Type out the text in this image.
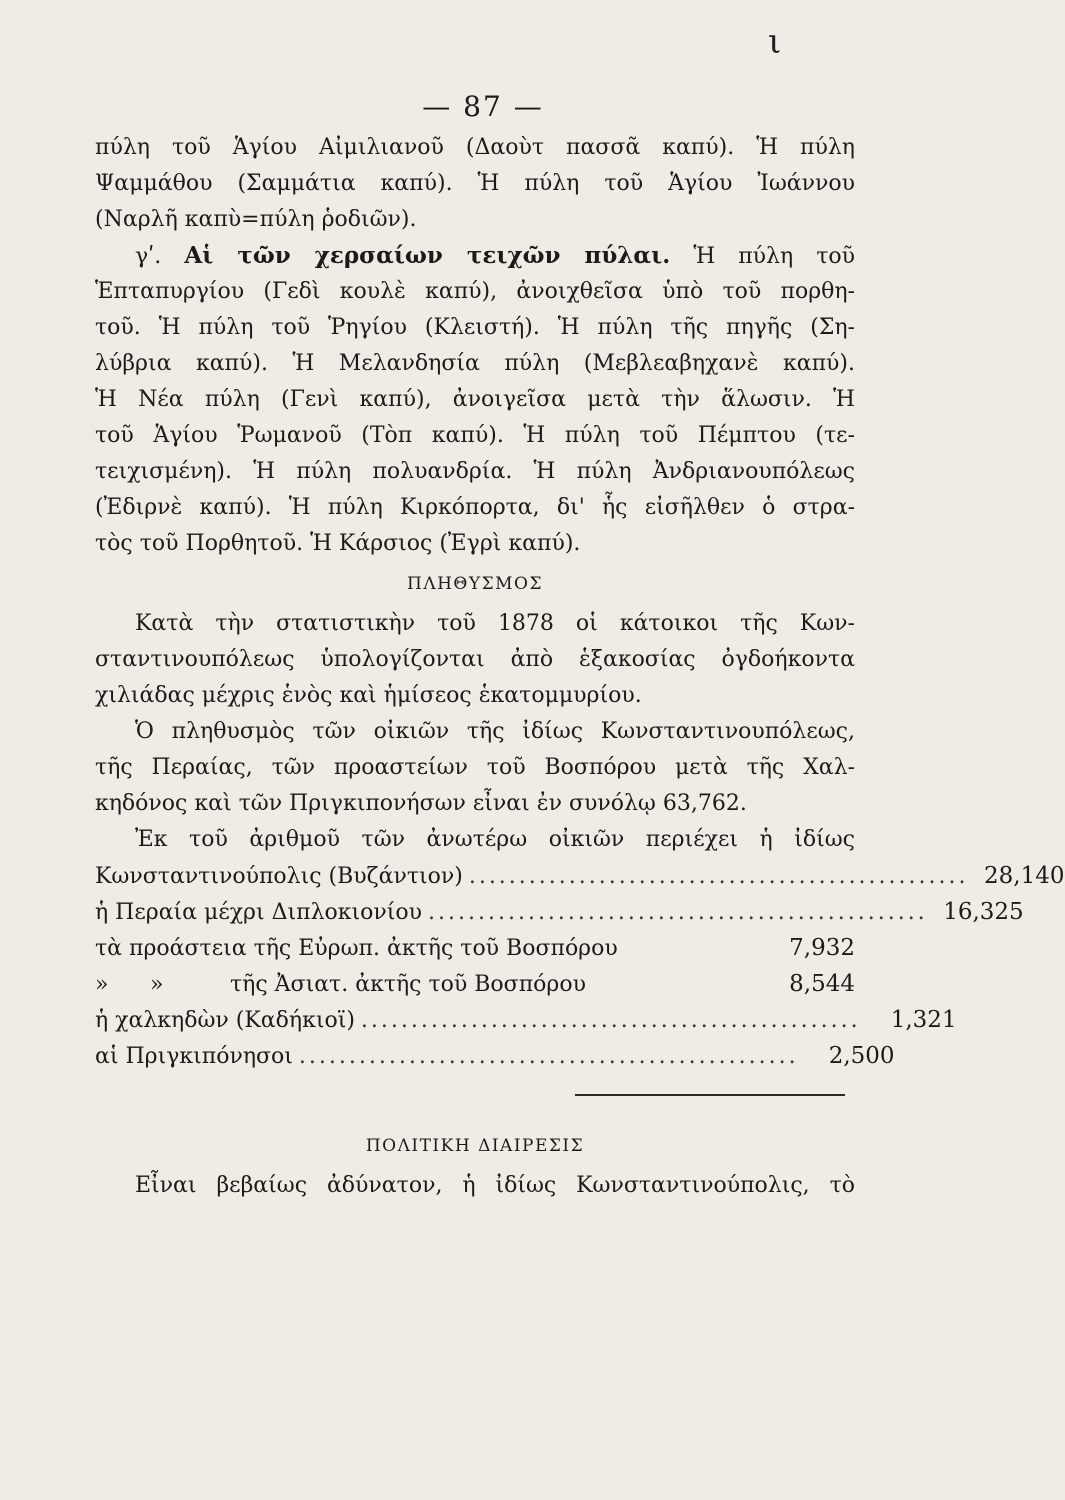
ι
— 87 —
πύλη τοῦ Ἁγίου Αἰμιλιανοῦ (Δαοὺτ πασσᾶ καπύ). Ἡ πύλη
Ψαμμάθου (Σαμμάτια καπύ). Ἡ πύλη τοῦ Ἁγίου Ἰωάννου
(Ναρλῆ καπὺ=πύλη ῥοδιῶν).
γʹ. Αἱ τῶν χερσαίων τειχῶν πύλαι. Ἡ πύλη τοῦ
Ἑπταπυργίου (Γεδὶ κουλὲ καπύ), ἀνοιχθεῖσα ὑπὸ τοῦ πορθη-
τοῦ. Ἡ πύλη τοῦ Ῥηγίου (Κλειστή). Ἡ πύλη τῆς πηγῆς (Ση-
λύβρια καπύ). Ἡ Μελανδησία πύλη (Μεβλεαβηχανὲ καπύ).
Ἡ Νέα πύλη (Γενὶ καπύ), ἀνοιγεῖσα μετὰ τὴν ἅλωσιν. Ἡ
τοῦ Ἁγίου Ῥωμανοῦ (Τὸπ καπύ). Ἡ πύλη τοῦ Πέμπτου (τε-
τειχισμένη). Ἡ πύλη πολυανδρία. Ἡ πύλη Ἀνδριανουπόλεως
(Ἐδιρνὲ καπύ). Ἡ πύλη Κιρκόπορτα, δι' ἧς εἰσῆλθεν ὁ στρα-
τὸς τοῦ Πορθητοῦ. Ἡ Κάρσιος (Ἐγρὶ καπύ).
ΠΛΗΘΥΣΜΟΣ
Κατὰ τὴν στατιστικὴν τοῦ 1878 οἱ κάτοικοι τῆς Κων-
σταντινουπόλεως ὑπολογίζονται ἀπὸ ἑξακοσίας ὀγδοήκοντα
χιλιάδας μέχρις ἑνὸς καὶ ἡμίσεος ἑκατομμυρίου.
Ὁ πληθυσμὸς τῶν οἰκιῶν τῆς ἰδίως Κωνσταντινουπόλεως,
τῆς Περαίας, τῶν προαστείων τοῦ Βοσπόρου μετὰ τῆς Χαλ-
κηδόνος καὶ τῶν Πριγκιπονήσων εἶναι ἐν συνόλῳ 63,762.
Ἐκ τοῦ ἀριθμοῦ τῶν ἀνωτέρω οἰκιῶν περιέχει ἡ ἰδίως
Κωνσταντινούπολις (Βυζάντιον) .................................................. 28,140
ἡ Περαία μέχρι Διπλοκιονίου .................................................. 16,325
τὰ προάστεια τῆς Εὐρωπ. ἀκτῆς τοῦ Βοσπόρου	7,932
» »	τῆς Ἀσιατ. ἀκτῆς τοῦ Βοσπόρου	8,544
ἡ χαλκηδὼν (Καδήκιοϊ) ..................................................	1,321
αἱ Πριγκιπόνησοι ..................................................	2,500
ΠΟΛΙΤΙΚΗ ΔΙΑΙΡΕΣΙΣ
Εἶναι βεβαίως ἀδύνατον, ἡ ἰδίως Κωνσταντινούπολις, τὸ
